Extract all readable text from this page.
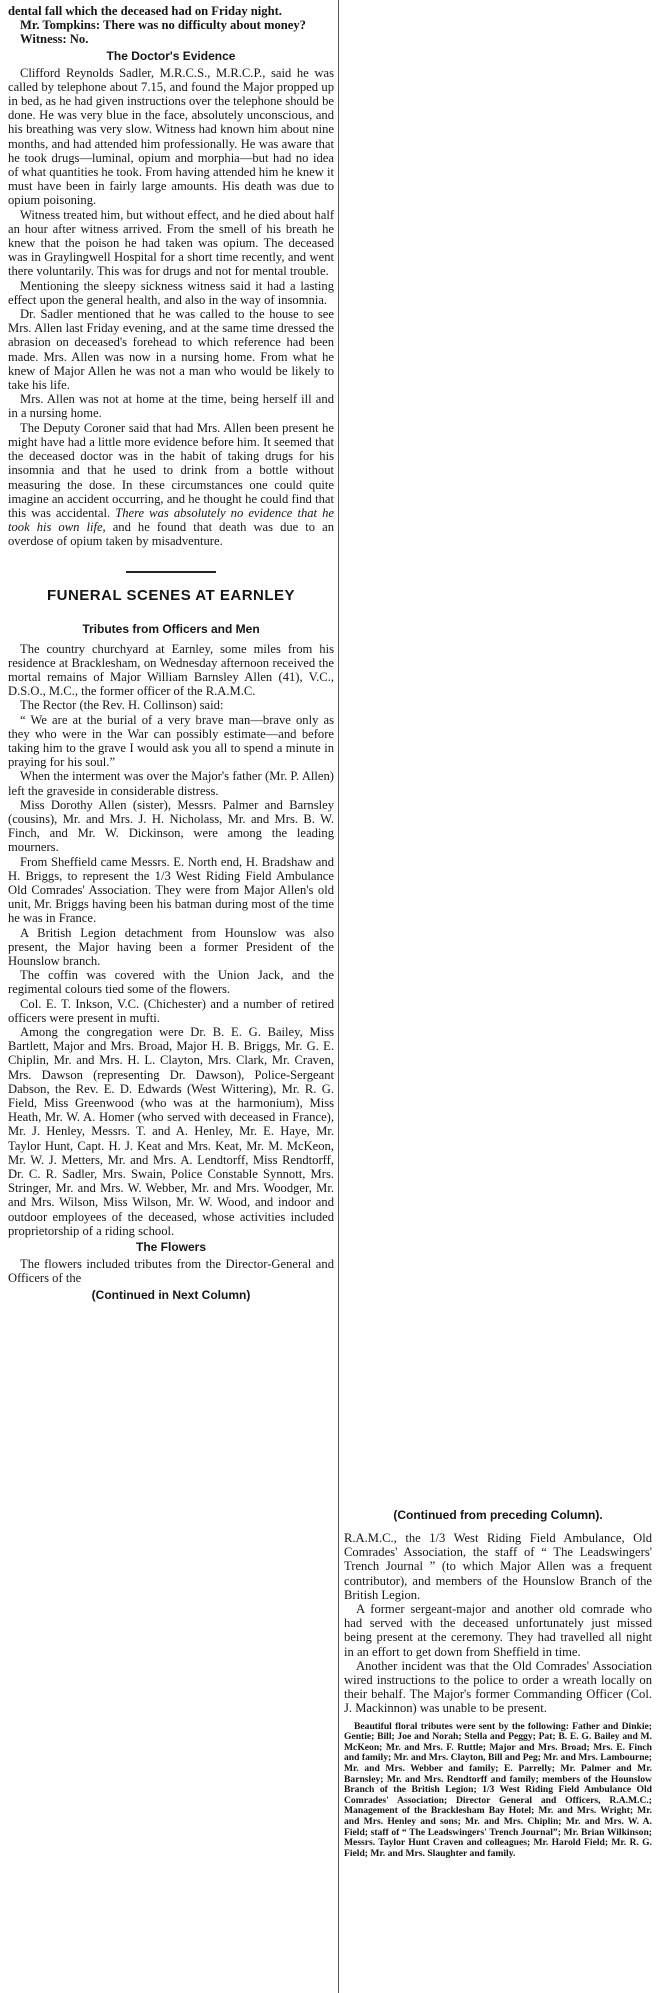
dental fall which the deceased had on Friday night.

Mr. Tompkins: There was no difficulty about money?

Witness: No.

The Doctor's Evidence

Clifford Reynolds Sadler, M.R.C.S., M.R.C.P., said he was called by telephone about 7.15, and found the Major propped up in bed, as he had given instructions over the telephone should be done. He was very blue in the face, absolutely unconscious, and his breathing was very slow. Witness had known him about nine months, and had attended him professionally. He was aware that he took drugs—luminal, opium and morphia—but had no idea of what quantities he took. From having attended him he knew it must have been in fairly large amounts. His death was due to opium poisoning.

Witness treated him, but without effect, and he died about half an hour after witness arrived. From the smell of his breath he knew that the poison he had taken was opium. The deceased was in Graylingwell Hospital for a short time recently, and went there voluntarily. This was for drugs and not for mental trouble.

Mentioning the sleepy sickness witness said it had a lasting effect upon the general health, and also in the way of insomnia.

Dr. Sadler mentioned that he was called to the house to see Mrs. Allen last Friday evening, and at the same time dressed the abrasion on deceased's forehead to which reference had been made. Mrs. Allen was now in a nursing home. From what he knew of Major Allen he was not a man who would be likely to take his life.

Mrs. Allen was not at home at the time, being herself ill and in a nursing home.

The Deputy Coroner said that had Mrs. Allen been present he might have had a little more evidence before him. It seemed that the deceased doctor was in the habit of taking drugs for his insomnia and that he used to drink from a bottle without measuring the dose. In these circumstances one could quite imagine an accident occurring, and he thought he could find that this was accidental. There was absolutely no evidence that he took his own life, and he found that death was due to an overdose of opium taken by misadventure.

FUNERAL SCENES AT EARNLEY
Tributes from Officers and Men

The country churchyard at Earnley, some miles from his residence at Bracklesham, on Wednesday afternoon received the mortal remains of Major William Barnsley Allen (41), V.C., D.S.O., M.C., the former officer of the R.A.M.C.

The Rector (the Rev. H. Collinson) said:

“ We are at the burial of a very brave man—brave only as they who were in the War can possibly estimate—and before taking him to the grave I would ask you all to spend a minute in praying for his soul.”

When the interment was over the Major's father (Mr. P. Allen) left the graveside in considerable distress.

Miss Dorothy Allen (sister), Messrs. Palmer and Barnsley (cousins), Mr. and Mrs. J. H. Nicholass, Mr. and Mrs. B. W. Finch, and Mr. W. Dickinson, were among the leading mourners.

From Sheffield came Messrs. E. North end, H. Bradshaw and H. Briggs, to represent the 1/3 West Riding Field Ambulance Old Comrades' Association. They were from Major Allen's old unit, Mr. Briggs having been his batman during most of the time he was in France.

A British Legion detachment from Hounslow was also present, the Major having been a former President of the Hounslow branch.

The coffin was covered with the Union Jack, and the regimental colours tied some of the flowers.

Col. E. T. Inkson, V.C. (Chichester) and a number of retired officers were present in mufti.

Among the congregation were Dr. B. E. G. Bailey, Miss Bartlett, Major and Mrs. Broad, Major H. B. Briggs, Mr. G. E. Chiplin, Mr. and Mrs. H. L. Clayton, Mrs. Clark, Mr. Craven, Mrs. Dawson (representing Dr. Dawson), Police-Sergeant Dabson, the Rev. E. D. Edwards (West Wittering), Mr. R. G. Field, Miss Greenwood (who was at the harmonium), Miss Heath, Mr. W. A. Homer (who served with deceased in France), Mr. J. Henley, Messrs. T. and A. Henley, Mr. E. Haye, Mr. Taylor Hunt, Capt. H. J. Keat and Mrs. Keat, Mr. M. McKeon, Mr. W. J. Metters, Mr. and Mrs. A. Lendtorff, Miss Rendtorff, Dr. C. R. Sadler, Mrs. Swain, Police Constable Synnott, Mrs. Stringer, Mr. and Mrs. W. Webber, Mr. and Mrs. Woodger, Mr. and Mrs. Wilson, Miss Wilson, Mr. W. Wood, and indoor and outdoor employees of the deceased, whose activities included proprietorship of a riding school.

The Flowers

The flowers included tributes from the Director-General and Officers of the

(Continued in Next Column)
(Continued from preceding Column).

R.A.M.C., the 1/3 West Riding Field Ambulance, Old Comrades' Association, the staff of “ The Leadswingers' Trench Journal ” (to which Major Allen was a frequent contributor), and members of the Hounslow Branch of the British Legion.

A former sergeant-major and another old comrade who had served with the deceased unfortunately just missed being present at the ceremony. They had travelled all night in an effort to get down from Sheffield in time.

Another incident was that the Old Comrades' Association wired instructions to the police to order a wreath locally on their behalf. The Major's former Commanding Officer (Col. J. Mackinnon) was unable to be present.

Beautiful floral tributes were sent by the following: Father and Dinkie; Gentie; Bill; Joe and Norah; Stella and Peggy; Pat; B. E. G. Bailey and M. McKeon; Mr. and Mrs. F. Ruttle; Major and Mrs. Broad; Mrs. E. Finch and family; Mr. and Mrs. Clayton, Bill and Peg; Mr. and Mrs. Lambourne; Mr. and Mrs. Webber and family; E. Parrelly; Mr. Palmer and Mr. Barnsley; Mr. and Mrs. Rendtorff and family; members of the Hounslow Branch of the British Legion; 1/3 West Riding Field Ambulance Old Comrades' Association; Director General and Officers, R.A.M.C.; Management of the Bracklesham Bay Hotel; Mr. and Mrs. Wright; Mr. and Mrs. Henley and sons; Mr. and Mrs. Chiplin; Mr. and Mrs. W. A. Field; staff of “ The Leadswingers' Trench Journal”; Mr. Brian Wilkinson; Messrs. Taylor Hunt Craven and colleagues; Mr. Harold Field; Mr. R. G. Field; Mr. and Mrs. Slaughter and family.
